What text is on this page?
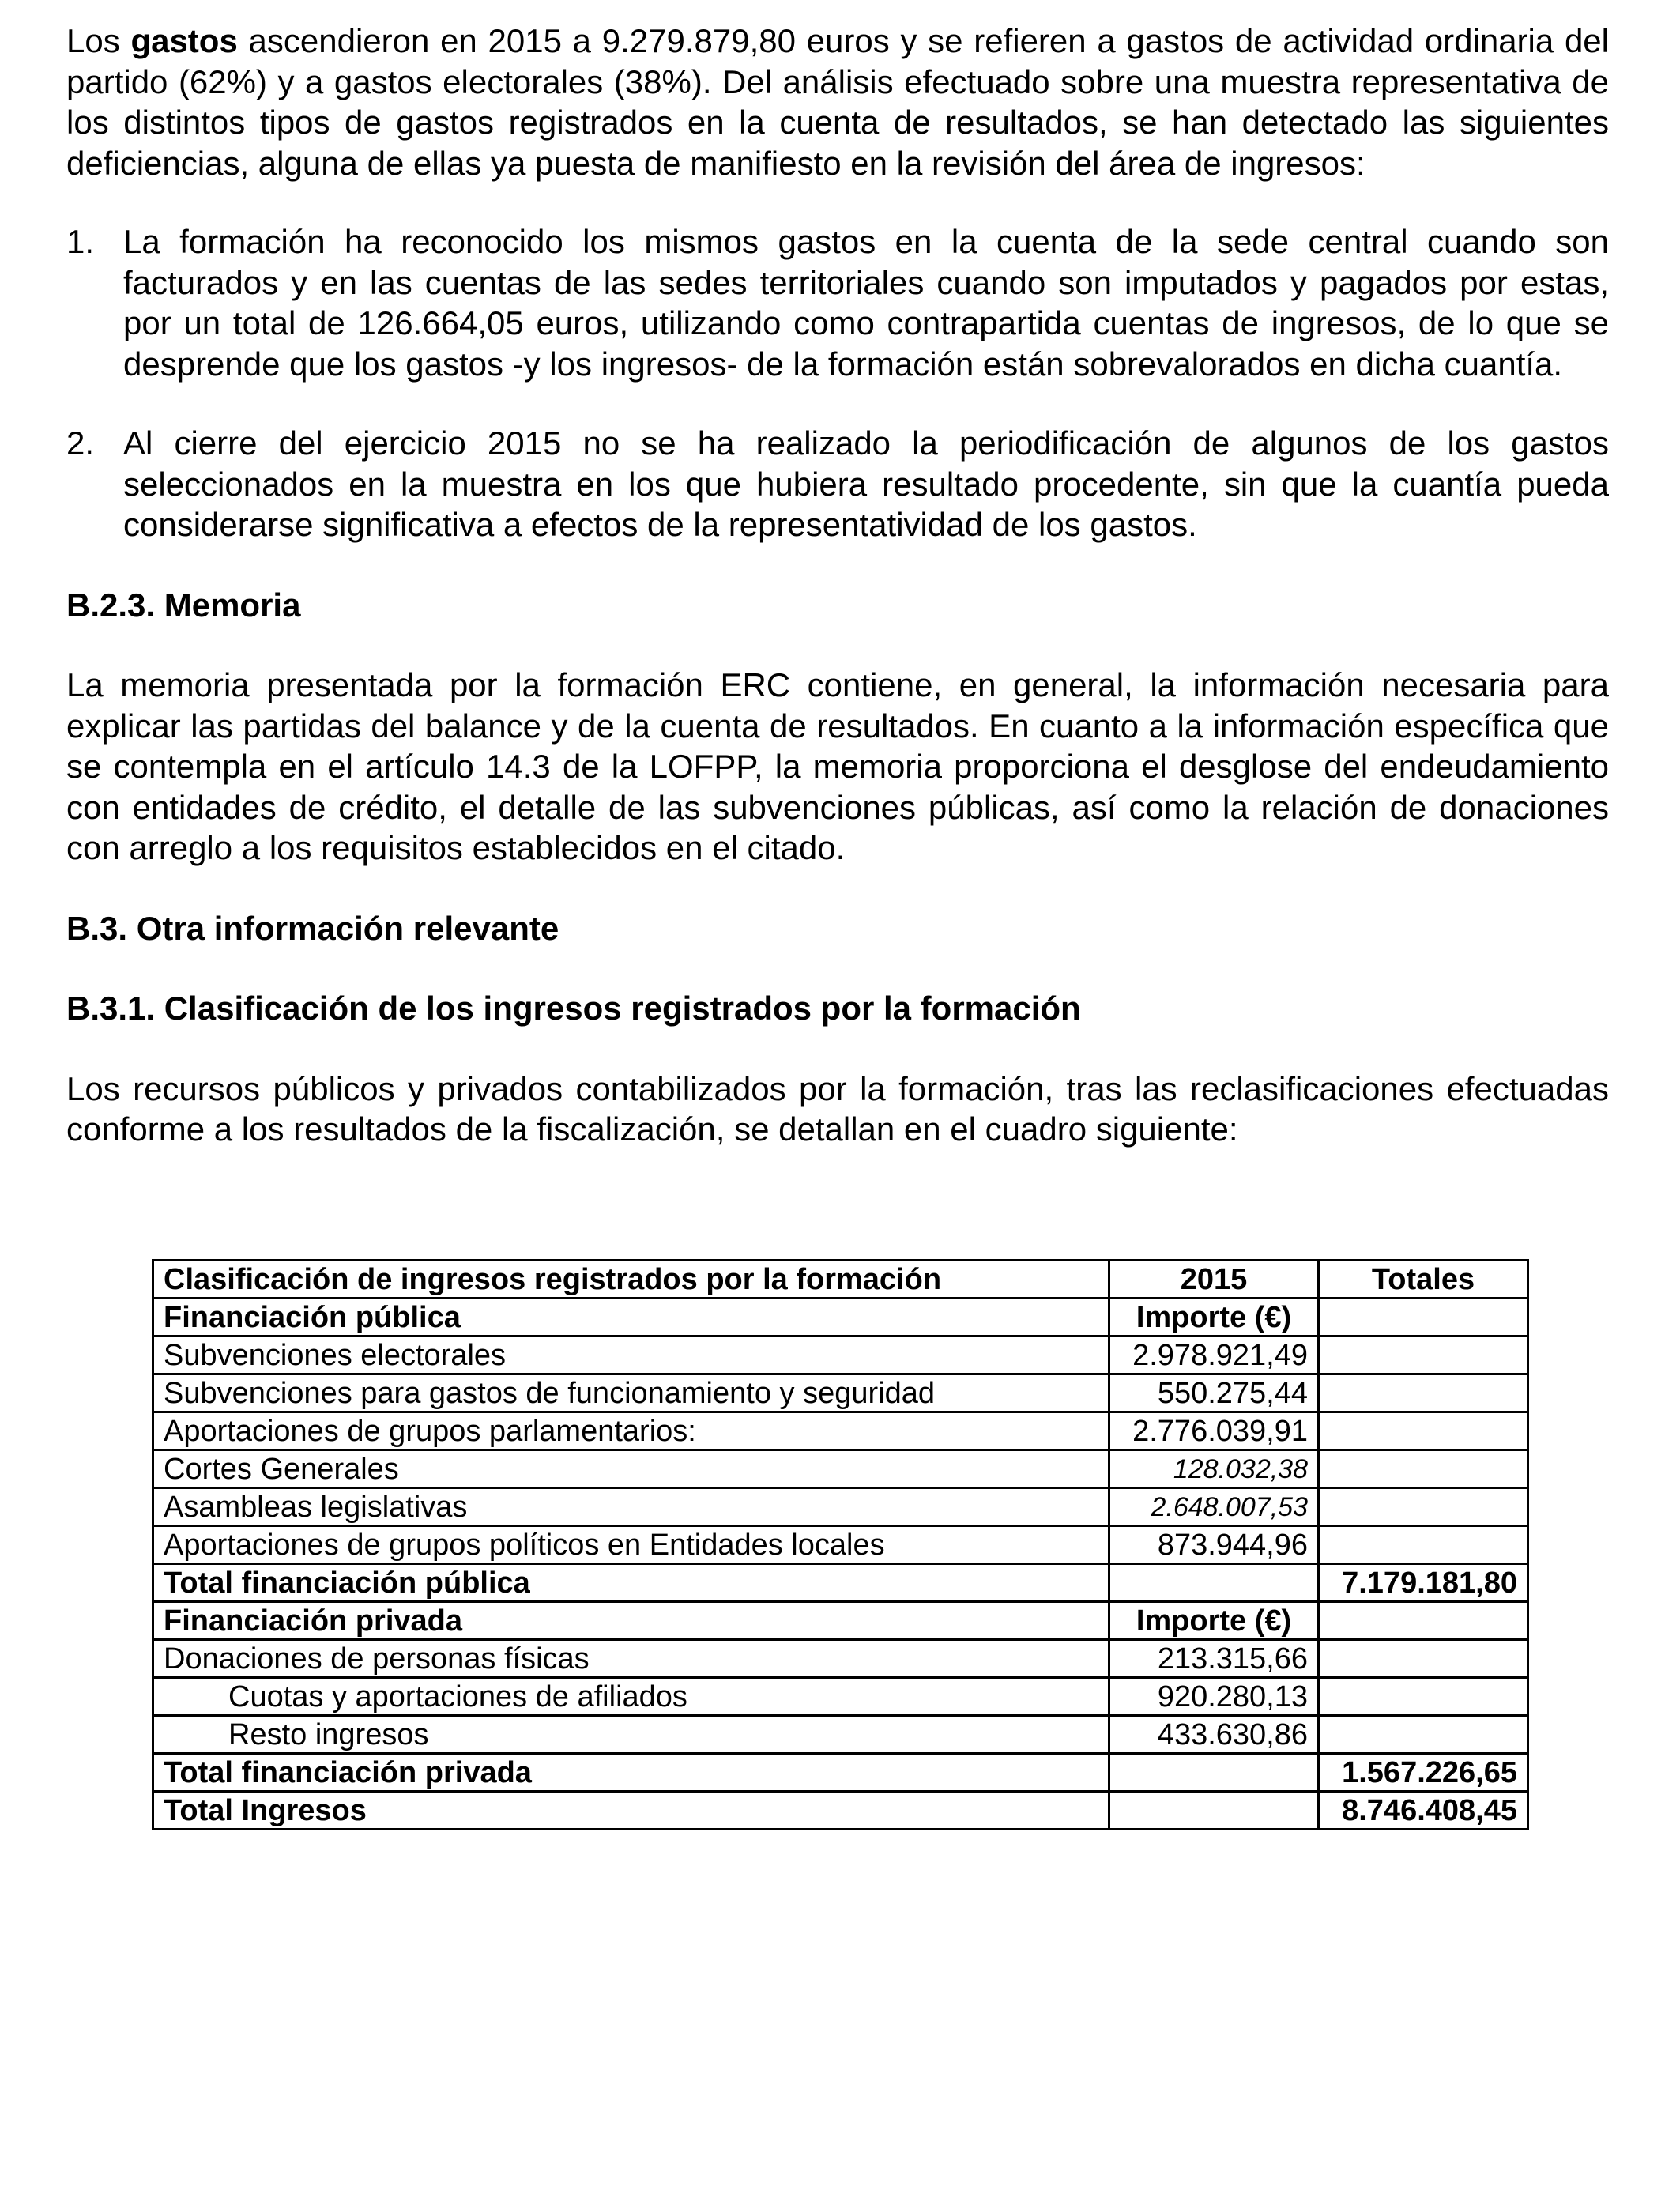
Los gastos ascendieron en 2015 a 9.279.879,80 euros y se refieren a gastos de actividad ordinaria del partido (62%) y a gastos electorales (38%). Del análisis efectuado sobre una muestra representativa de los distintos tipos de gastos registrados en la cuenta de resultados, se han detectado las siguientes deficiencias, alguna de ellas ya puesta de manifiesto en la revisión del área de ingresos:

1. La formación ha reconocido los mismos gastos en la cuenta de la sede central cuando son facturados y en las cuentas de las sedes territoriales cuando son imputados y pagados por estas, por un total de 126.664,05 euros, utilizando como contrapartida cuentas de ingresos, de lo que se desprende que los gastos -y los ingresos- de la formación están sobrevalorados en dicha cuantía.
2. Al cierre del ejercicio 2015 no se ha realizado la periodificación de algunos de los gastos seleccionados en la muestra en los que hubiera resultado procedente, sin que la cuantía pueda considerarse significativa a efectos de la representatividad de los gastos.
B.2.3. Memoria

La memoria presentada por la formación ERC contiene, en general, la información necesaria para explicar las partidas del balance y de la cuenta de resultados. En cuanto a la información específica que se contempla en el artículo 14.3 de la LOFPP, la memoria proporciona el desglose del endeudamiento con entidades de crédito, el detalle de las subvenciones públicas, así como la relación de donaciones con arreglo a los requisitos establecidos en el citado.

B.3. Otra información relevante
B.3.1. Clasificación de los ingresos registrados por la formación

Los recursos públicos y privados contabilizados por la formación, tras las reclasificaciones efectuadas conforme a los resultados de la fiscalización, se detallan en el cuadro siguiente:

Clasificación de ingresos registrados por la formación	2015	Totales
Financiación pública	Importe (€)	
Subvenciones electorales	2.978.921,49	
Subvenciones para gastos de funcionamiento y seguridad	550.275,44	
Aportaciones de grupos parlamentarios:	2.776.039,91	
Cortes Generales	128.032,38	
Asambleas legislativas	2.648.007,53	
Aportaciones de grupos políticos en Entidades locales	873.944,96	
Total financiación pública		7.179.181,80
Financiación privada	Importe (€)	
Donaciones de personas físicas	213.315,66	
Cuotas y aportaciones de afiliados	920.280,13	
Resto ingresos	433.630,86	
Total financiación privada		1.567.226,65
Total Ingresos		8.746.408,45
